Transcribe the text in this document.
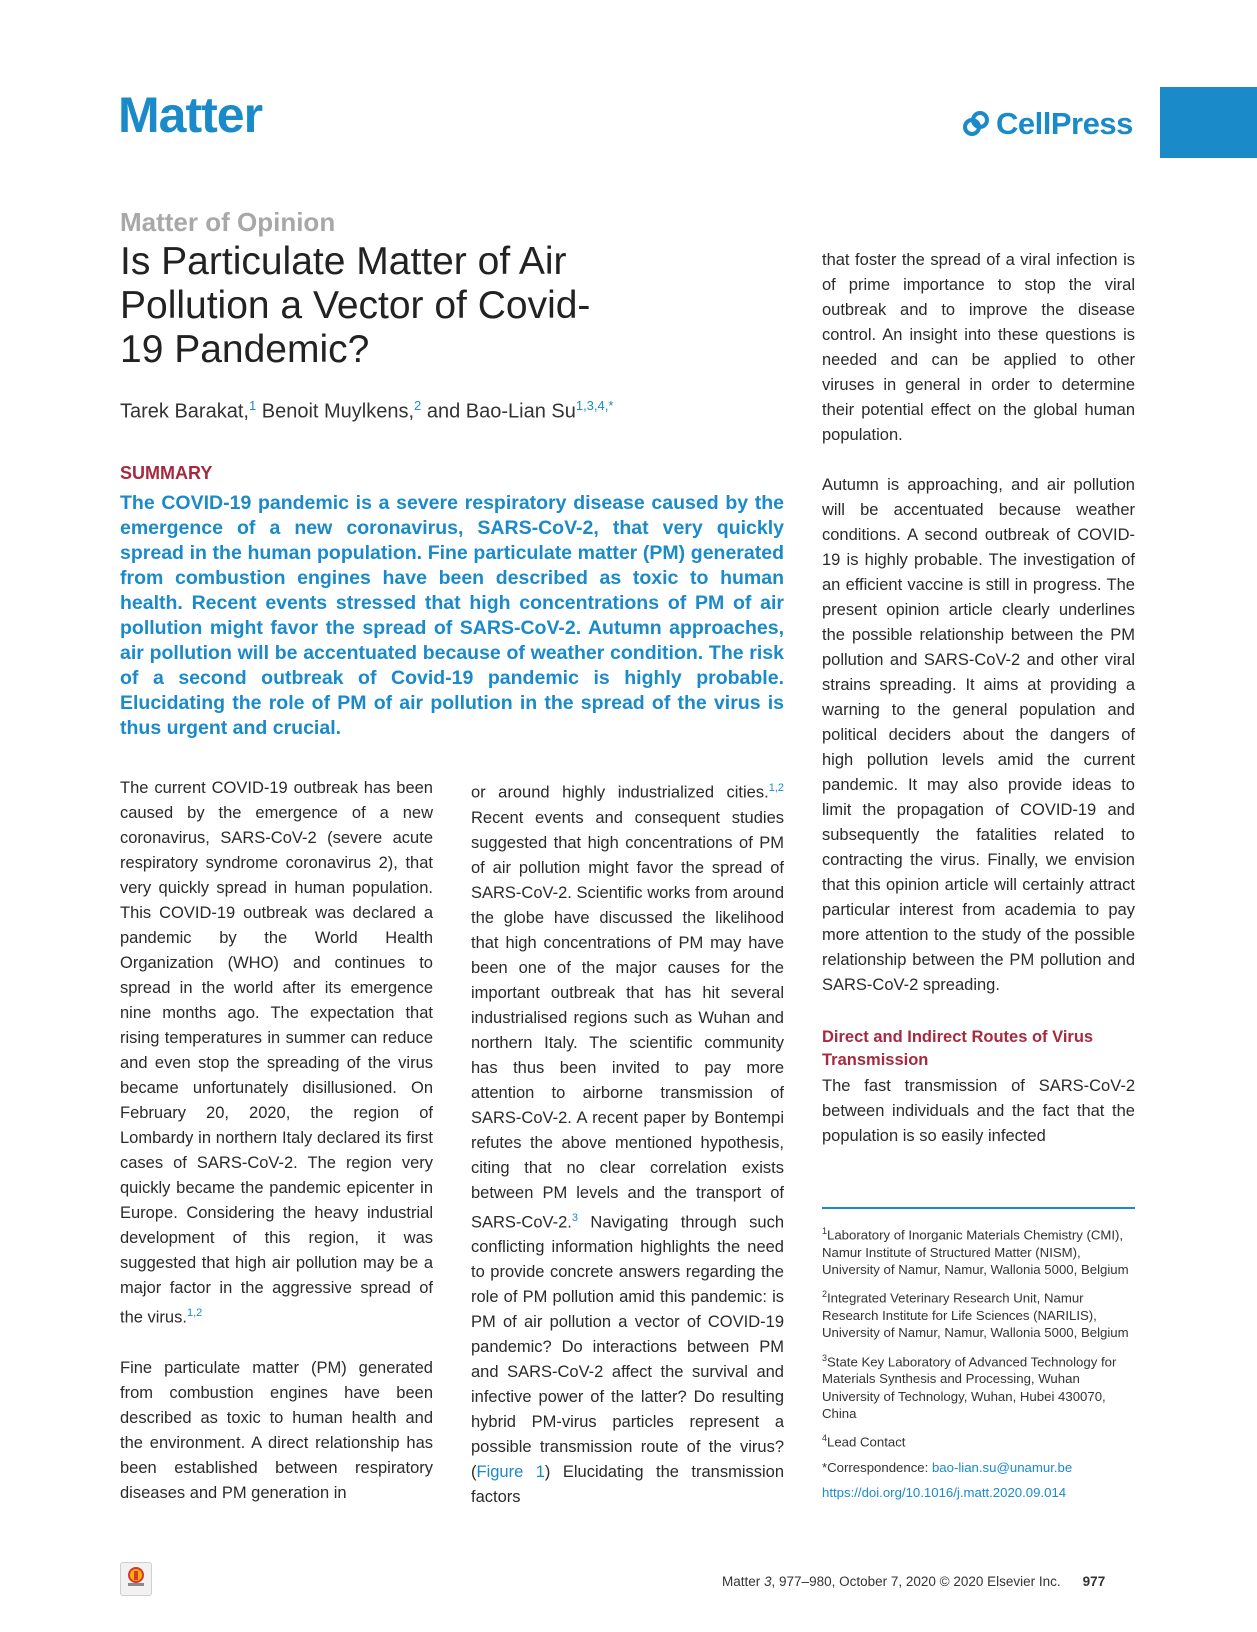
Matter	CellPress
Matter of Opinion
Is Particulate Matter of Air Pollution a Vector of Covid-19 Pandemic?
Tarek Barakat,$^1$ Benoit Muylkens,$^2$ and Bao-Lian $Su^{1,3,4,*}$
SUMMARY
The COVID-19 pandemic is a severe respiratory disease caused by the emergence of a new coronavirus, SARS-CoV-2, that very quickly spread in the human population. Fine particulate matter (PM) generated from combustion engines have been described as toxic to human health. Recent events stressed that high concentrations of PM of air pollution might favor the spread of SARS-CoV-2. Autumn approaches, air pollution will be accentuated because of weather condition. The risk of a second outbreak of Covid-19 pandemic is highly probable. Elucidating the role of PM of air pollution in the spread of the virus is thus urgent and crucial.

The current COVID-19 outbreak has been caused by the emergence of a new coronavirus, SARS-CoV-2 (severe acute respiratory syndrome coronavirus 2), that very quickly spread in human population. This COVID-19 outbreak was declared a pandemic by the World Health Organization (WHO) and continues to spread in the world after its emergence nine months ago. The expectation that rising temperatures in summer can reduce and even stop the spreading of the virus became unfortunately disillusioned. On February 20, 2020, the region of Lombardy in northern Italy declared its first cases of SARS-CoV-2. The region very quickly became the pandemic epicenter in Europe. Considering the heavy industrial development of this region, it was suggested that high air pollution may be a major factor in the aggressive spread of the virus.$^{1,2}$

Fine particulate matter (PM) generated from combustion engines have been described as toxic to human health and the environment. A direct relationship has been established between respiratory diseases and PM generation in

or around highly industrialized cities.$^{1,2}$ Recent events and consequent studies suggested that high concentrations of PM of air pollution might favor the spread of SARS-CoV-2. Scientific works from around the globe have discussed the likelihood that high concentrations of PM may have been one of the major causes for the important outbreak that has hit several industrialised regions such as Wuhan and northern Italy. The scientific community has thus been invited to pay more attention to airborne transmission of SARS-CoV-2. A recent paper by Bontempi refutes the above mentioned hypothesis, citing that no clear correlation exists between PM levels and the transport of SARS-CoV-2.$^3$ Navigating through such conflicting information highlights the need to provide concrete answers regarding the role of PM pollution amid this pandemic: is PM of air pollution a vector of COVID-19 pandemic? Do interactions between PM and SARS-CoV-2 affect the survival and infective power of the latter? Do resulting hybrid PM-virus particles represent a possible transmission route of the virus? (Figure 1) Elucidating the transmission factors

that foster the spread of a viral infection is of prime importance to stop the viral outbreak and to improve the disease control. An insight into these questions is needed and can be applied to other viruses in general in order to determine their potential effect on the global human population.

Autumn is approaching, and air pollution will be accentuated because weather conditions. A second outbreak of COVID-19 is highly probable. The investigation of an efficient vaccine is still in progress. The present opinion article clearly underlines the possible relationship between the PM pollution and SARS-CoV-2 and other viral strains spreading. It aims at providing a warning to the general population and political deciders about the dangers of high pollution levels amid the current pandemic. It may also provide ideas to limit the propagation of COVID-19 and subsequently the fatalities related to contracting the virus. Finally, we envision that this opinion article will certainly attract particular interest from academia to pay more attention to the study of the possible relationship between the PM pollution and SARS-CoV-2 spreading.

Direct and Indirect Routes of Virus Transmission

The fast transmission of SARS-CoV-2 between individuals and the fact that the population is so easily infected

$^1$Laboratory of Inorganic Materials Chemistry (CMI), Namur Institute of Structured Matter (NISM), University of Namur, Namur, Wallonia 5000, Belgium

$^2$Integrated Veterinary Research Unit, Namur Research Institute for Life Sciences (NARILIS), University of Namur, Namur, Wallonia 5000, Belgium

$^3$State Key Laboratory of Advanced Technology for Materials Synthesis and Processing, Wuhan University of Technology, Wuhan, Hubei 430070, China

$^4$Lead Contact

*Correspondence: bao-lian.su@unamur.be

https://doi.org/10.1016/j.matt.2020.09.014

Matter 3, 977–980, October 7, 2020 © 2020 Elsevier Inc. 977
